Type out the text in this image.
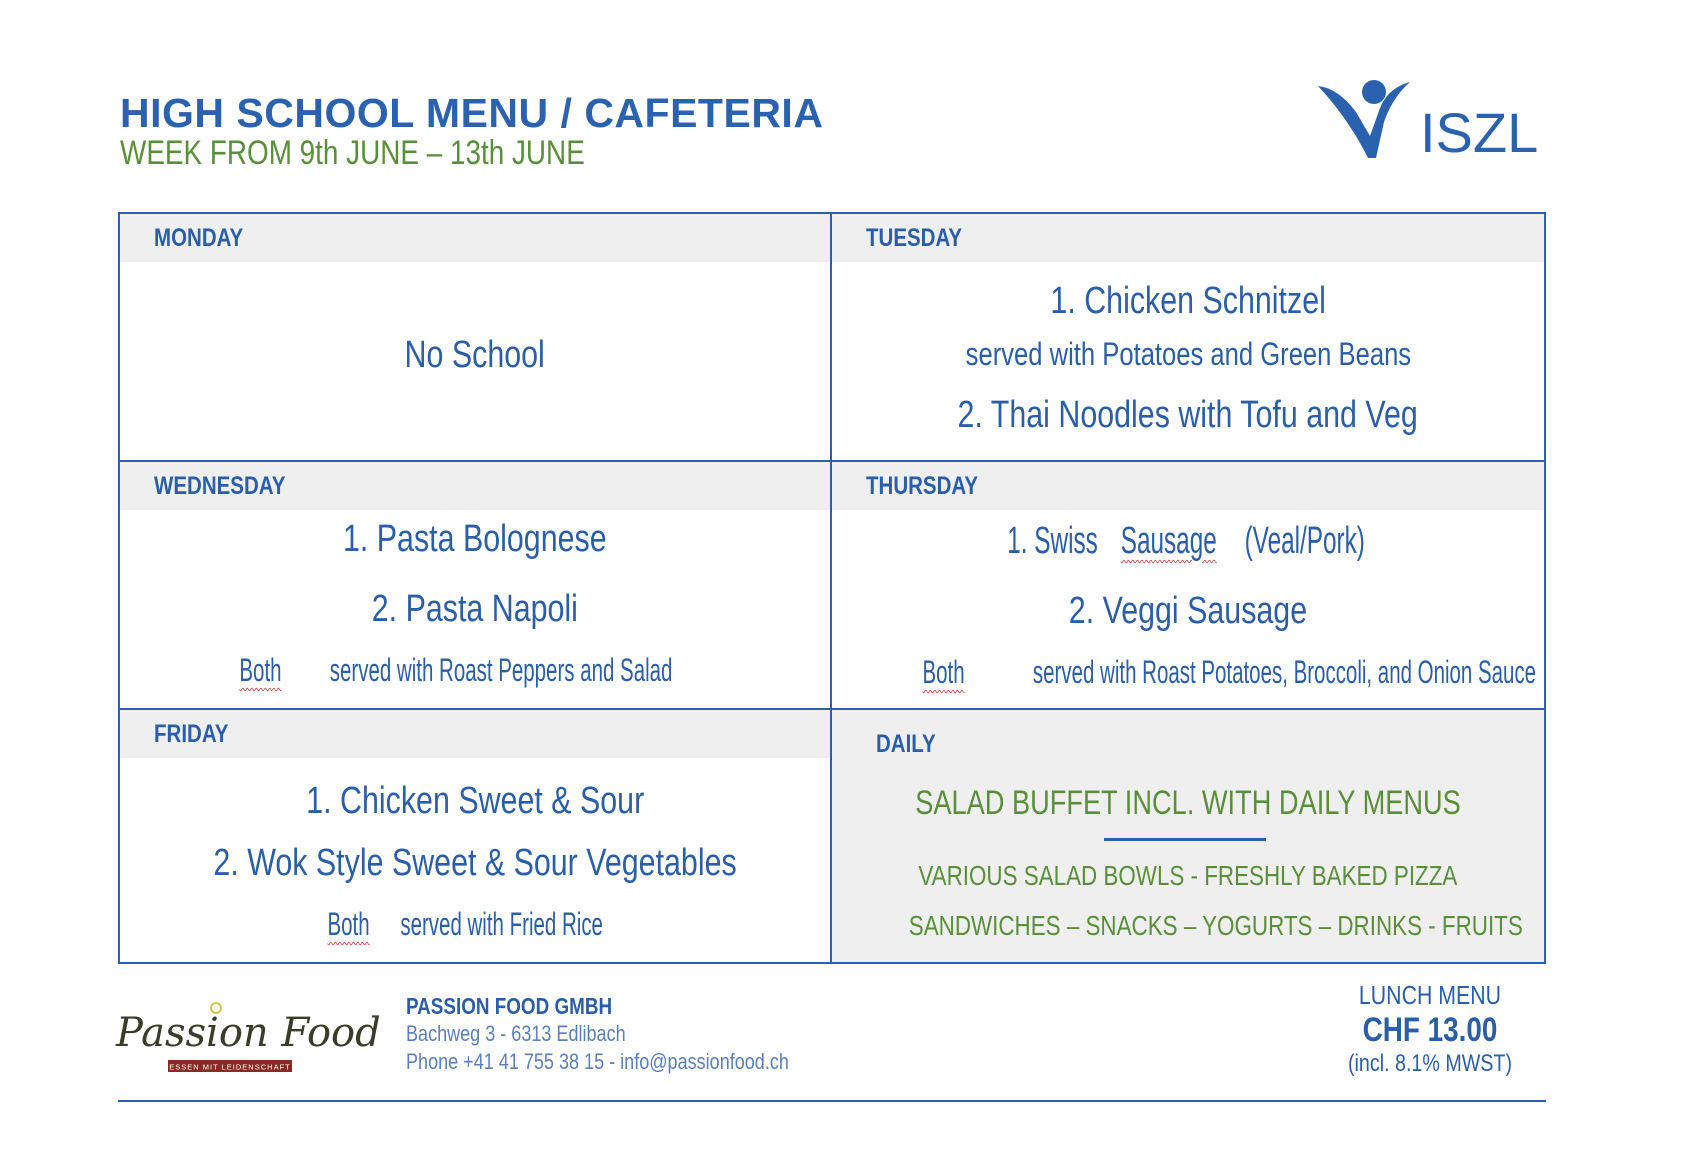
HIGH SCHOOL MENU / CAFETERIA
WEEK FROM 9th JUNE – 13th JUNE	ISZL
MONDAY
No School
TUESDAY
1. Chicken Schnitzel
served with Potatoes and Green Beans
2. Thai Noodles with Tofu and Veg
WEDNESDAY
1. Pasta Bolognese
2. Pasta Napoli
Bothserved with Roast Peppers and Salad
THURSDAY
1. SwissSausage(Veal/Pork)
2. Veggi Sausage
Bothserved with Roast Potatoes, Broccoli, and Onion Sauce
FRIDAY
1. Chicken Sweet & Sour
2. Wok Style Sweet & Sour Vegetables
Bothserved with Fried Rice
DAILY
SALAD BUFFET INCL. WITH DAILY MENUS
VARIOUS SALAD BOWLS - FRESHLY BAKED PIZZA
SANDWICHES – SNACKS – YOGURTS – DRINKS - FRUITS
Passion Food
ESSEN MIT LEIDENSCHAFT
PASSION FOOD GMBH
Bachweg 3 - 6313 Edlibach
Phone +41 41 755 38 15 - info@passionfood.ch
LUNCH MENU
CHF 13.00
(incl. 8.1% MWST)
